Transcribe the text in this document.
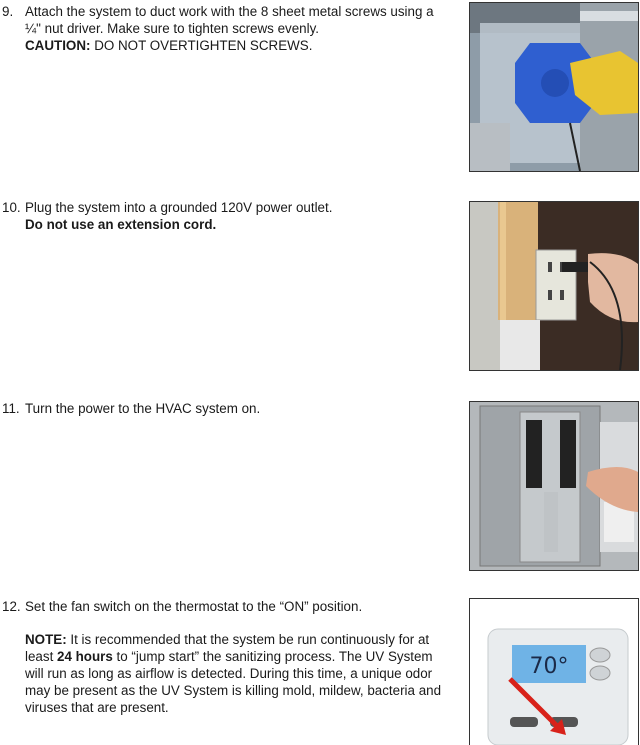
9. Attach the system to duct work with the 8 sheet metal screws using a

¼" nut driver. Make sure to tighten screws evenly.

CAUTION: DO NOT OVERTIGHTEN SCREWS.

10. Plug the system into a grounded 120V power outlet.

Do not use an extension cord.

11. Turn the power to the HVAC system on.

12. Set the fan switch on the thermostat to the “ON” position.

NOTE: It is recommended that the system be run continuously for at
least 24 hours to “jump start” the sanitizing process. The UV System
will run as long as airflow is detected. During this time, a unique odor
may be present as the UV System is killing mold, mildew, bacteria and
viruses that are present.

70°
